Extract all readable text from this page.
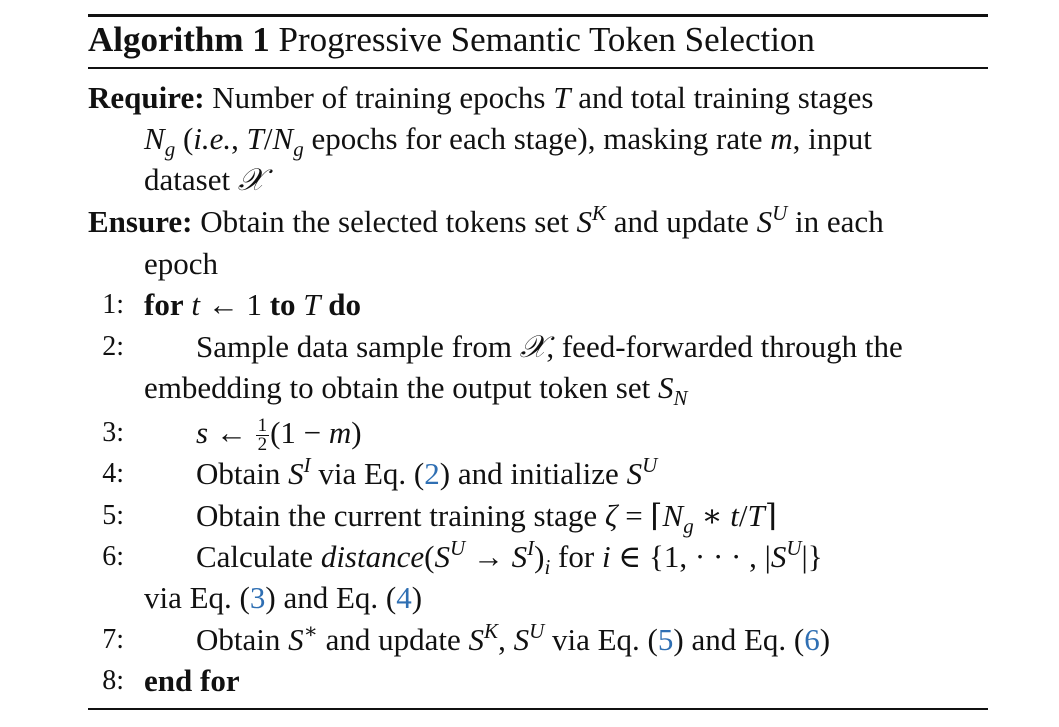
Algorithm 1 Progressive Semantic Token Selection
Require: Number of training epochs T and total training stages
$N_g$ (i.e., $T/N_g$ epochs for each stage), masking rate m, input
dataset 𝒳
Ensure: Obtain the selected tokens set $S^K$ and update $S^U$ in each
epoch
1: for t ← 1 to T do
2: Sample data sample from 𝒳, feed-forwarded through the
embedding to obtain the output token set $S_N$
3: s ← $\frac{1}{2} (1 - m)$
4: Obtain $S^I$ via Eq. (2) and initialize $S^U$
5: Obtain the current training stage $\zeta = ⌈N_g$ ∗ t/T⌉
6: Calculate $distance(S^U \to S^I)_i$ for i ∈ {1, · · · , $|S^U|$}
via Eq. (3) and Eq. (4)
7: Obtain S∗ and update $S^K$, $S^U$ via Eq. (5) and Eq. (6)
8: end for
